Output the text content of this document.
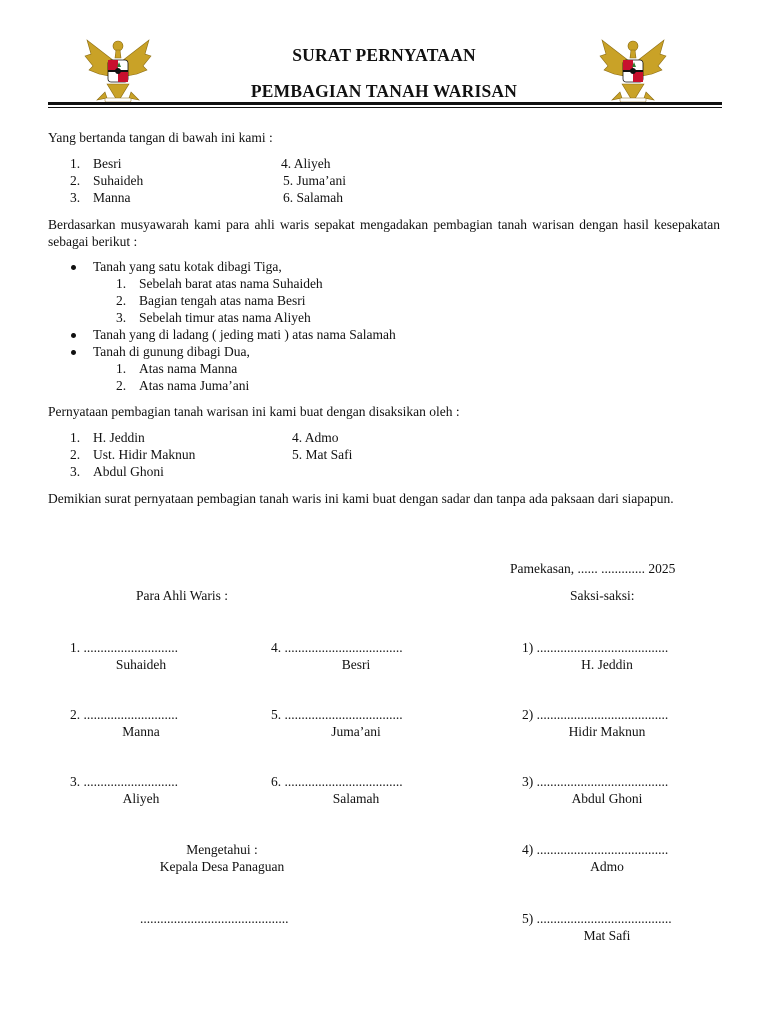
SURAT PERNYATAAN
PEMBAGIAN TANAH WARISAN
Yang bertanda tangan di bawah ini kami :
1. Besri
2. Suhaideh
3. Manna
4. Aliyeh
5. Juma’ani
6. Salamah
Berdasarkan musyawarah kami para ahli waris sepakat mengadakan pembagian tanah warisan dengan hasil kesepakatan sebagai berikut :
Tanah yang satu kotak dibagi Tiga,
1. Sebelah barat atas nama Suhaideh
2. Bagian tengah atas nama Besri
3. Sebelah timur atas nama Aliyeh
Tanah yang di ladang ( jeding mati ) atas nama Salamah
Tanah di gunung dibagi Dua,
1. Atas nama Manna
2. Atas nama Juma’ani
Pernyataan pembagian tanah warisan ini kami buat dengan disaksikan oleh :
1. H. Jeddin
2. Ust. Hidir Maknun
3. Abdul Ghoni
4. Admo
5. Mat Safi
Demikian surat pernyataan pembagian tanah waris ini kami buat dengan sadar dan tanpa ada paksaan dari siapapun.
Pamekasan, ...... ............. 2025
Para Ahli Waris :	Saksi-saksi:
1. ............................
Suhaideh
2. ............................
Manna
3. ............................
Aliyeh
4. ...................................
Besri
5. ...................................
Juma’ani
6. ...................................
Salamah
1) .......................................
H. Jeddin
2) .......................................
Hidir Maknun
3) .......................................
Abdul Ghoni
4) .......................................
Admo
5) ........................................
Mat Safi
Mengetahui :
Kepala Desa Panaguan
............................................
